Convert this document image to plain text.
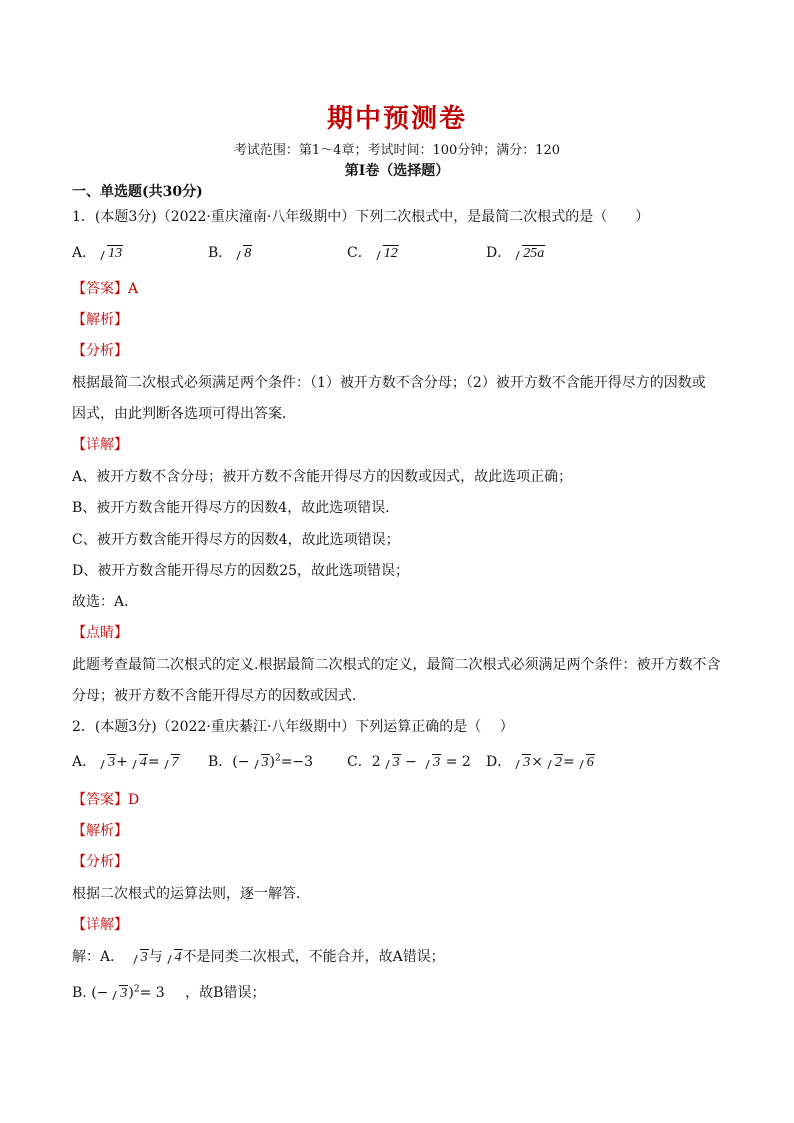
期中预测卷
考试范围：第1～4章；考试时间：100分钟；满分：120
第I卷（选择题）
一、单选题(共30分)
1．(本题3分)（2022·重庆潼南·八年级期中）下列二次根式中，是最简二次根式的是（　　）
A． 13	B． 8	C． 12	D． 25a
【答案】A
【解析】
【分析】
根据最简二次根式必须满足两个条件：（1）被开方数不含分母；（2）被开方数不含能开得尽方的因数或
因式，由此判断各选项可得出答案．
【详解】
A、被开方数不含分母；被开方数不含能开得尽方的因数或因式，故此选项正确；
B、被开方数含能开得尽方的因数4，故此选项错误．
C、被开方数含能开得尽方的因数4，故此选项错误；
D、被开方数含能开得尽方的因数25，故此选项错误；
故选：A．
【点睛】
此题考查最简二次根式的定义.根据最简二次根式的定义，最简二次根式必须满足两个条件：被开方数不含
分母；被开方数不含能开得尽方的因数或因式．
2．(本题3分)（2022·重庆綦江·八年级期中）下列运算正确的是（　 ）
A． 3+ 4= 7 B．(− 3)$^2$=−3 C．2 3 − 3 = 2 D． 3× 2= 6
【答案】D
【解析】
【分析】
根据二次根式的运算法则，逐一解答．
【详解】
解：A． 3与 4不是同类二次根式，不能合并，故A错误；
B. (− 3)$^2$= 3 ，故B错误；
